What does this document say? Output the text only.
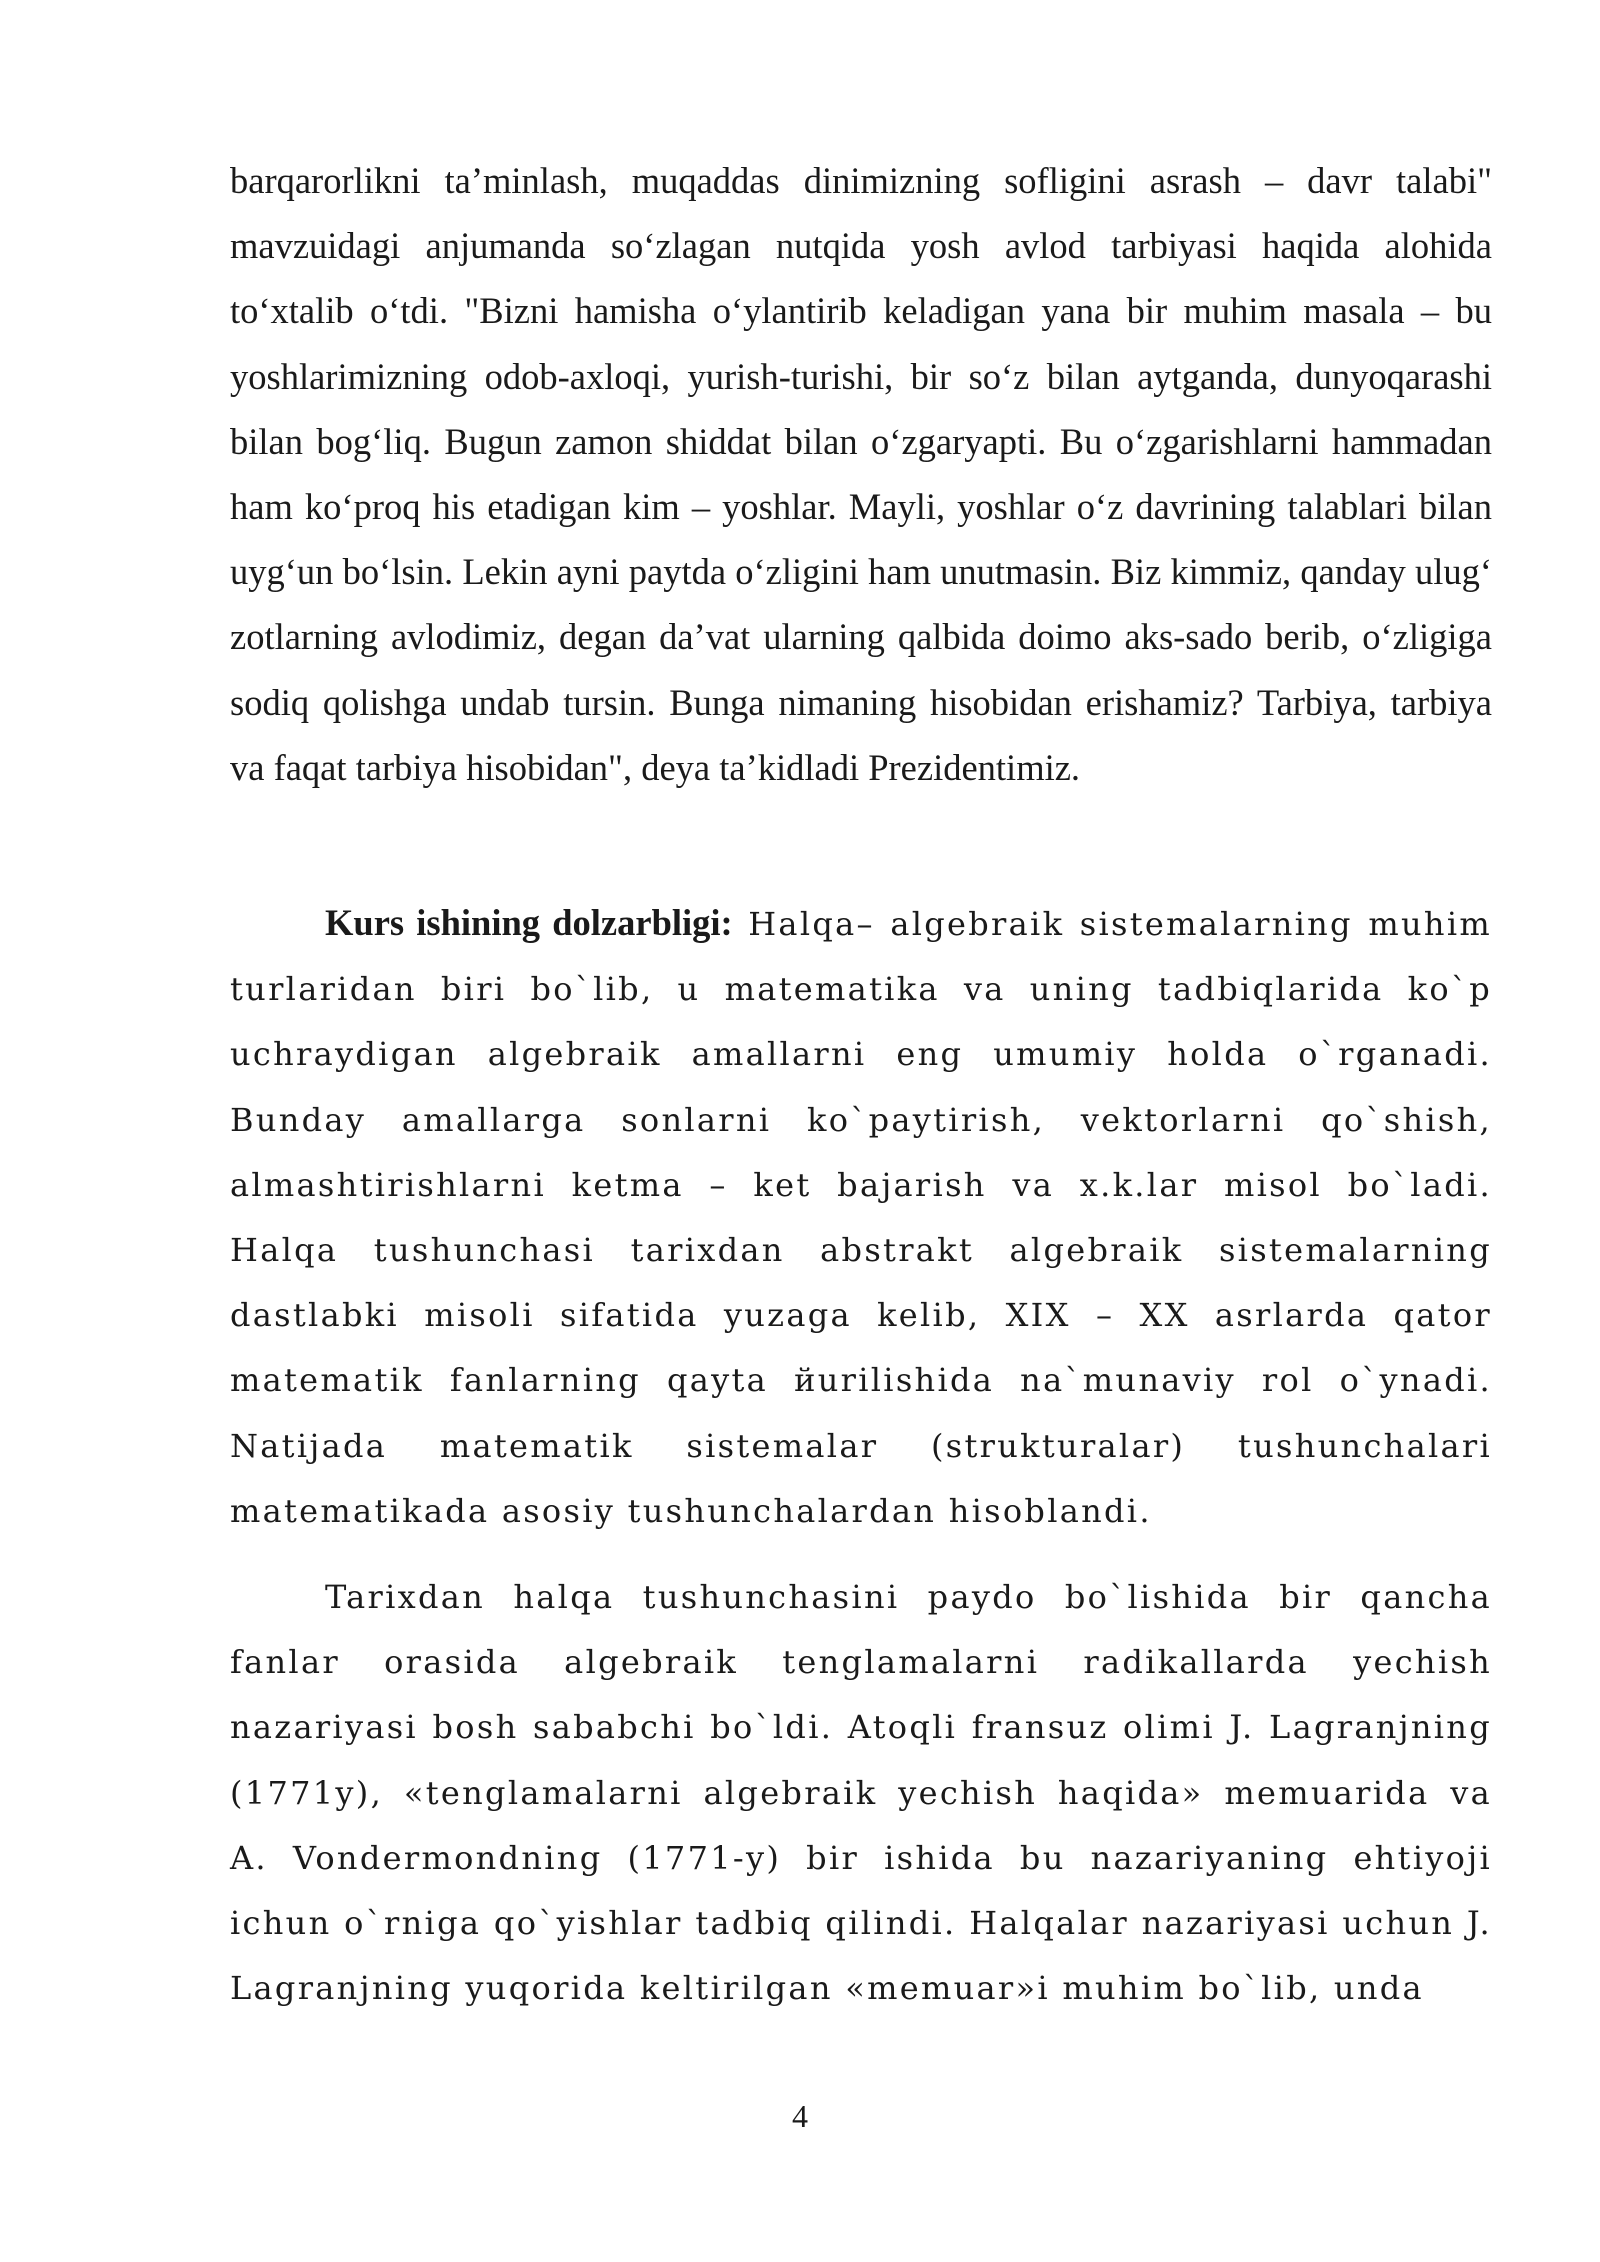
barqarorlikni ta’minlash, muqaddas dinimizning sofligini asrash – davr talabi" mavzuidagi anjumanda so‘zlagan nutqida yosh avlod tarbiyasi haqida alohida to‘xtalib o‘tdi. "Bizni hamisha o‘ylantirib keladigan yana bir muhim masala – bu yoshlarimizning odob-axloqi, yurish-turishi, bir so‘z bilan aytganda, dunyoqarashi bilan bog‘liq. Bugun zamon shiddat bilan o‘zgaryapti. Bu o‘zgarishlarni hammadan ham ko‘proq his etadigan kim – yoshlar. Mayli, yoshlar o‘z davrining talablari bilan uyg‘un bo‘lsin. Lekin ayni paytda o‘zligini ham unutmasin. Biz kimmiz, qanday ulug‘ zotlarning avlodimiz, degan da’vat ularning qalbida doimo aks-sado berib, o‘zligiga sodiq qolishga undab tursin. Bunga nimaning hisobidan erishamiz? Tarbiya, tarbiya va faqat tarbiya hisobidan", deya ta’kidladi Prezidentimiz.

Kurs ishining dolzarbligi: Halqa– algebraik sistemalarning muhim turlaridan biri bo`lib, u matematika va uning tadbiqlarida ko`p uchraydigan algebraik amallarni eng umumiy holda o`rganadi. Bunday amallarga sonlarni ko`paytirish, vektorlarni qo`shish, almashtirishlarni ketma – ket bajarish va x.k.lar misol bo`ladi. Halqa tushunchasi tarixdan abstrakt algebraik sistemalarning dastlabki misoli sifatida yuzaga kelib, XIX – XX asrlarda qator matematik fanlarning qayta йurilishida na`munaviy rol o`ynadi. Natijada matematik sistemalar (strukturalar) tushunchalari matematikada asosiy tushunchalardan hisoblandi.

Tarixdan halqa tushunchasini paydo bo`lishida bir qancha fanlar orasida algebraik tenglamalarni radikallarda yechish nazariyasi bosh sababchi bo`ldi. Atoqli fransuz olimi J. Lagranjning (1771y), «tenglamalarni algebraik yechish haqida» memuarida va A. Vondermondning (1771-y) bir ishida bu nazariyaning ehtiyoji ichun o`rniga qo`yishlar tadbiq qilindi. Halqalar nazariyasi uchun J. Lagranjning yuqorida keltirilgan «memuar»i muhim bo`lib, unda

4
